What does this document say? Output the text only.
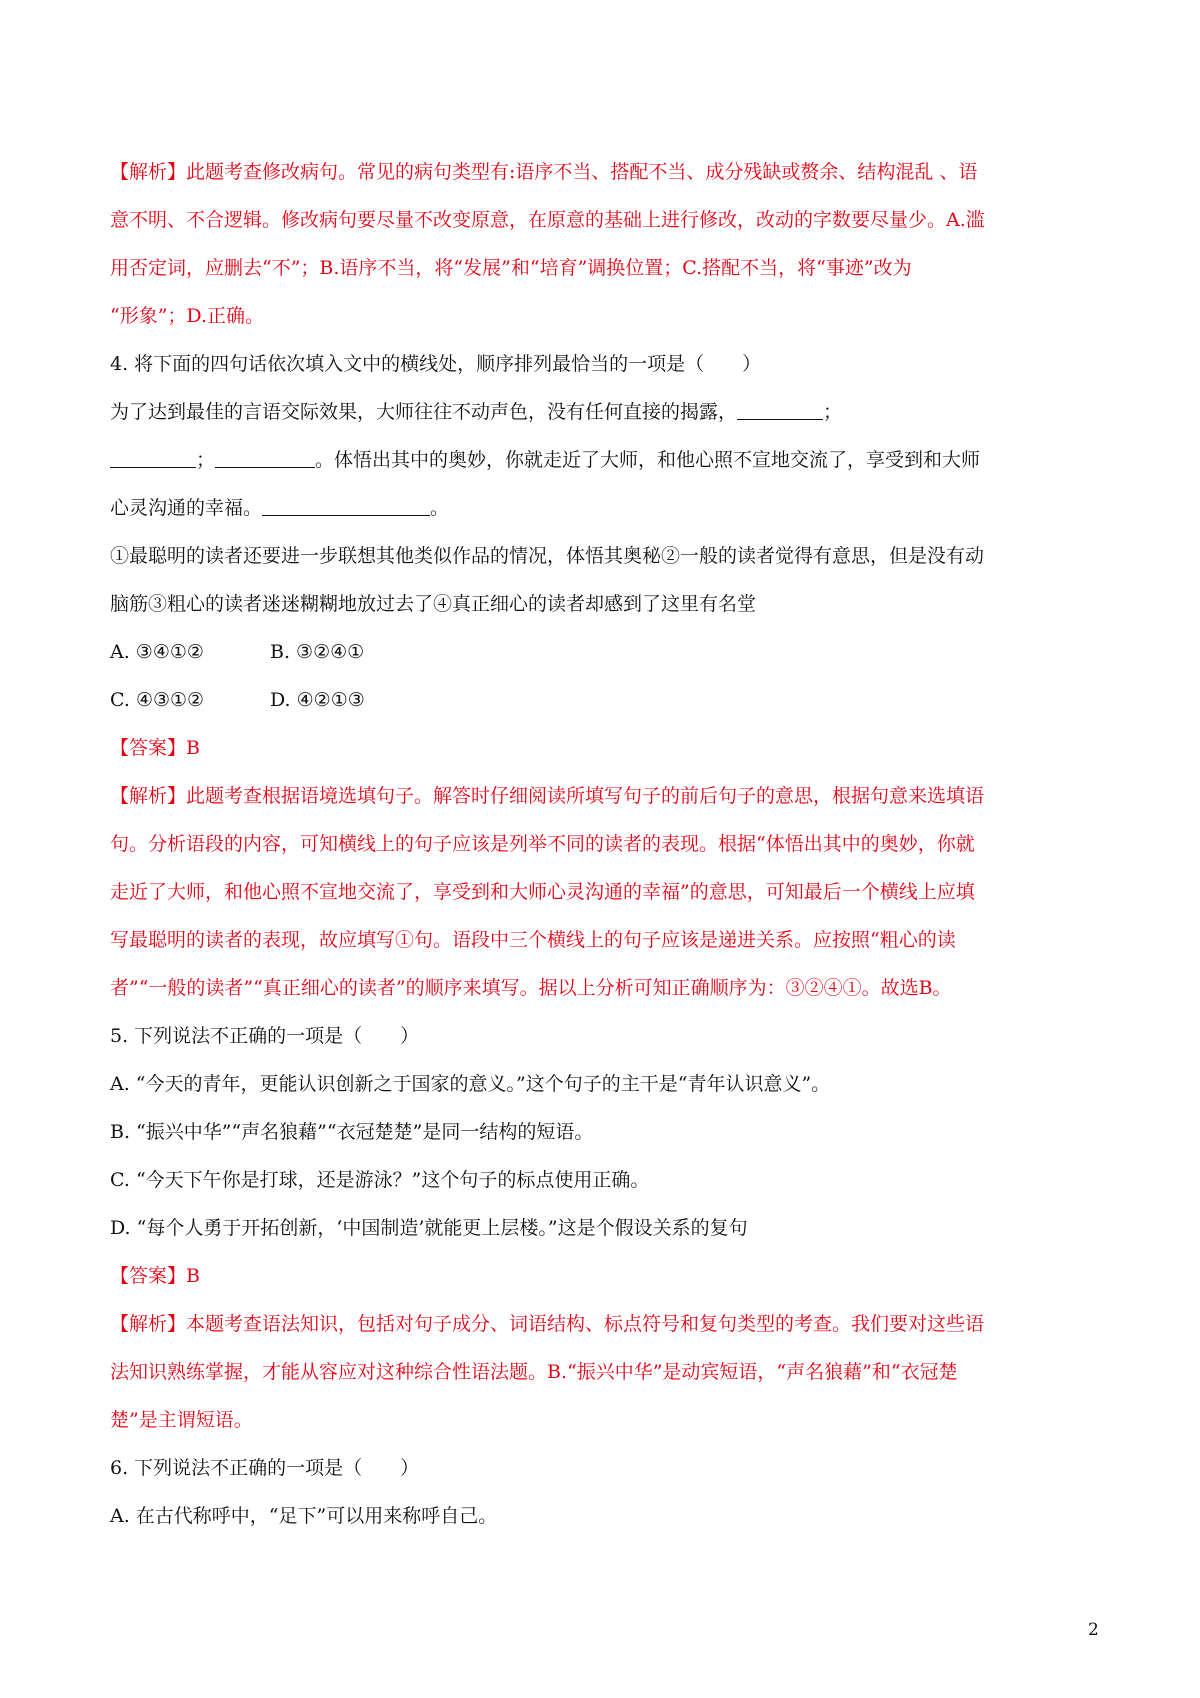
【解析】此题考查修改病句。常见的病句类型有:语序不当、搭配不当、成分残缺或赘余、结构混乱 、语
意不明、不合逻辑。修改病句要尽量不改变原意，在原意的基础上进行修改，改动的字数要尽量少。A.滥
用否定词，应删去“不”；B.语序不当，将“发展”和“培育”调换位置；C.搭配不当，将“事迹”改为
“形象”；D.正确。
4. 将下面的四句话依次填入文中的横线处，顺序排列最恰当的一项是（　　）
为了达到最佳的言语交际效果，大师往往不动声色，没有任何直接的揭露，	；
；	。体悟出其中的奥妙，你就走近了大师，和他心照不宣地交流了，享受到和大师
心灵沟通的幸福。	。
①最聪明的读者还要进一步联想其他类似作品的情况，体悟其奥秘②一般的读者觉得有意思，但是没有动
脑筋③粗心的读者迷迷糊糊地放过去了④真正细心的读者却感到了这里有名堂
A. ③④①②	B. ③②④①
C. ④③①②	D. ④②①③
【答案】B
【解析】此题考查根据语境选填句子。解答时仔细阅读所填写句子的前后句子的意思，根据句意来选填语
句。分析语段的内容，可知横线上的句子应该是列举不同的读者的表现。根据“体悟出其中的奥妙，你就
走近了大师，和他心照不宣地交流了，享受到和大师心灵沟通的幸福”的意思，可知最后一个横线上应填
写最聪明的读者的表现，故应填写①句。语段中三个横线上的句子应该是递进关系。应按照“粗心的读
者”“一般的读者”“真正细心的读者”的顺序来填写。据以上分析可知正确顺序为：③②④①。故选B。
5. 下列说法不正确的一项是（　　）
A. “今天的青年，更能认识创新之于国家的意义。”这个句子的主干是“青年认识意义”。
B. “振兴中华”“声名狼藉”“衣冠楚楚”是同一结构的短语。
C. “今天下午你是打球，还是游泳？”这个句子的标点使用正确。
D. “每个人勇于开拓创新，‘中国制造’就能更上层楼。”这是个假设关系的复句
【答案】B
【解析】本题考查语法知识，包括对句子成分、词语结构、标点符号和复句类型的考查。我们要对这些语
法知识熟练掌握，才能从容应对这种综合性语法题。B.“振兴中华”是动宾短语，“声名狼藉”和“衣冠楚
楚”是主谓短语。
6. 下列说法不正确的一项是（　　）
A. 在古代称呼中，“足下”可以用来称呼自己。
2
